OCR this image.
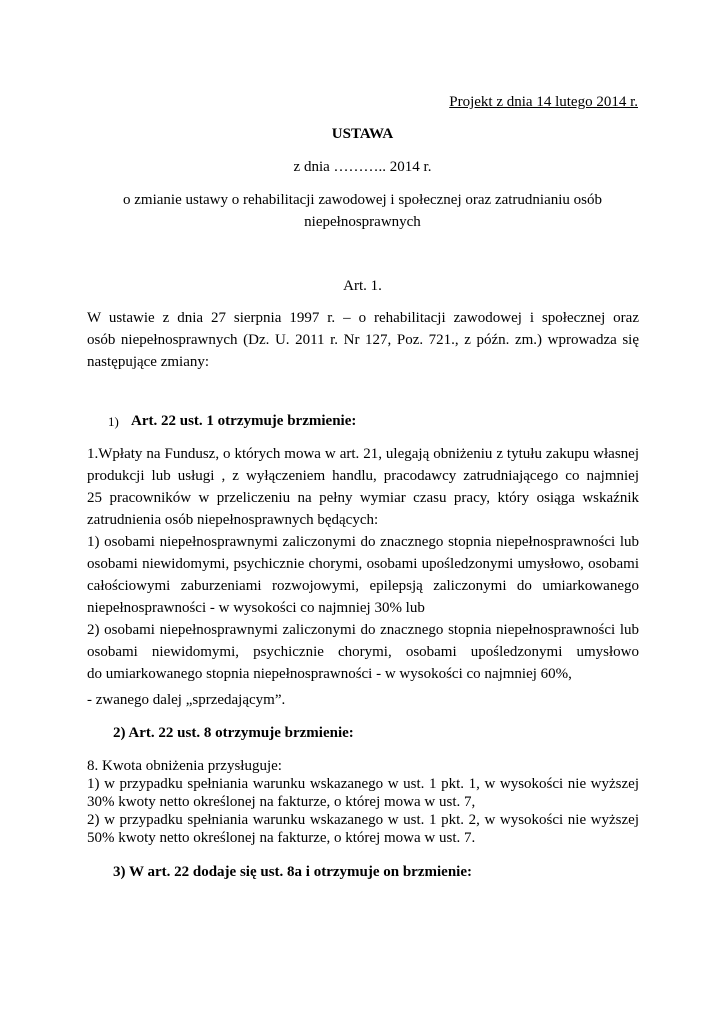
Projekt z dnia 14 lutego 2014 r.
USTAWA
z dnia ……….. 2014 r.
o zmianie ustawy o rehabilitacji zawodowej i społecznej oraz zatrudnianiu osób
niepełnosprawnych
Art. 1.
W ustawie z dnia 27 sierpnia 1997 r. – o rehabilitacji zawodowej i społecznej oraz
osób niepełnosprawnych (Dz. U. 2011 r. Nr 127, Poz. 721., z późn. zm.) wprowadza się
następujące zmiany:
1) Art. 22 ust. 1 otrzymuje brzmienie:
1.Wpłaty na Fundusz, o których mowa w art. 21, ulegają obniżeniu z tytułu zakupu własnej
produkcji lub usługi , z wyłączeniem handlu, pracodawcy zatrudniającego co najmniej
25 pracowników w przeliczeniu na pełny wymiar czasu pracy, który osiąga wskaźnik
zatrudnienia osób niepełnosprawnych będących:
1) osobami niepełnosprawnymi zaliczonymi do znacznego stopnia niepełnosprawności lub
osobami niewidomymi, psychicznie chorymi, osobami upośledzonymi umysłowo, osobami
całościowymi zaburzeniami rozwojowymi, epilepsją zaliczonymi do umiarkowanego
niepełnosprawności - w wysokości co najmniej 30% lub
2) osobami niepełnosprawnymi zaliczonymi do znacznego stopnia niepełnosprawności lub
osobami niewidomymi, psychicznie chorymi, osobami upośledzonymi umysłowo
do umiarkowanego stopnia niepełnosprawności - w wysokości co najmniej 60%,
- zwanego dalej „sprzedającym”.
2) Art. 22 ust. 8 otrzymuje brzmienie:
8. Kwota obniżenia przysługuje:
1) w przypadku spełniania warunku wskazanego w ust. 1 pkt. 1, w wysokości nie wyższej
30% kwoty netto określonej na fakturze, o której mowa w ust. 7,
2) w przypadku spełniania warunku wskazanego w ust. 1 pkt. 2, w wysokości nie wyższej
50% kwoty netto określonej na fakturze, o której mowa w ust. 7.
3) W art. 22 dodaje się ust. 8a i otrzymuje on brzmienie:
